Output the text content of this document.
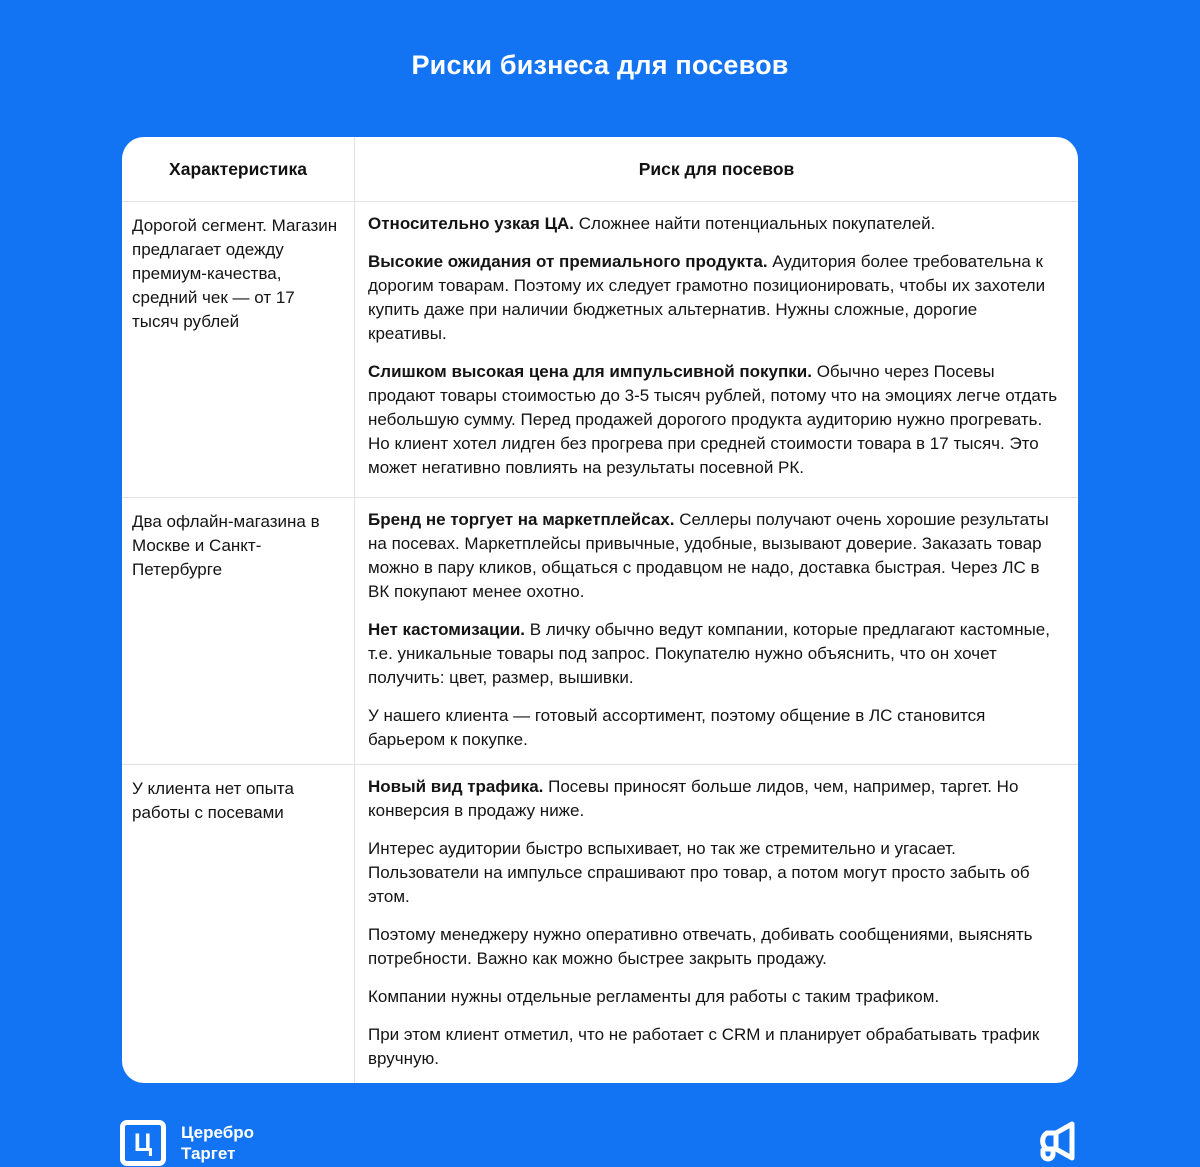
Риски бизнеса для посевов
Характеристика	Риск для посевов
Дорогой сегмент. Магазин предлагает одежду премиум-качества, средний чек — от 17 тысяч рублей

Относительно узкая ЦА. Сложнее найти потенциальных покупателей.

Высокие ожидания от премиального продукта. Аудитория более требовательна к дорогим товарам. Поэтому их следует грамотно позиционировать, чтобы их захотели купить даже при наличии бюджетных альтернатив. Нужны сложные, дорогие креативы.

Слишком высокая цена для импульсивной покупки. Обычно через Посевы продают товары стоимостью до 3-5 тысяч рублей, потому что на эмоциях легче отдать небольшую сумму. Перед продажей дорогого продукта аудиторию нужно прогревать. Но клиент хотел лидген без прогрева при средней стоимости товара в 17 тысяч. Это может негативно повлиять на результаты посевной РК.

Два офлайн-магазина в Москве и Санкт-Петербурге

Бренд не торгует на маркетплейсах. Селлеры получают очень хорошие результаты на посевах. Маркетплейсы привычные, удобные, вызывают доверие. Заказать товар можно в пару кликов, общаться с продавцом не надо, доставка быстрая. Через ЛС в ВК покупают менее охотно.

Нет кастомизации. В личку обычно ведут компании, которые предлагают кастомные, т.е. уникальные товары под запрос. Покупателю нужно объяснить, что он хочет получить: цвет, размер, вышивки.

У нашего клиента — готовый ассортимент, поэтому общение в ЛС становится барьером к покупке.

У клиента нет опыта работы с посевами

Новый вид трафика. Посевы приносят больше лидов, чем, например, таргет. Но конверсия в продажу ниже.

Интерес аудитории быстро вспыхивает, но так же стремительно и угасает. Пользователи на импульсе спрашивают про товар, а потом могут просто забыть об этом.

Поэтому менеджеру нужно оперативно отвечать, добивать сообщениями, выяснять потребности. Важно как можно быстрее закрыть продажу.

Компании нужны отдельные регламенты для работы с таким трафиком.

При этом клиент отметил, что не работает с CRM и планирует обрабатывать трафик вручную.

Ц Церебро
Таргет
